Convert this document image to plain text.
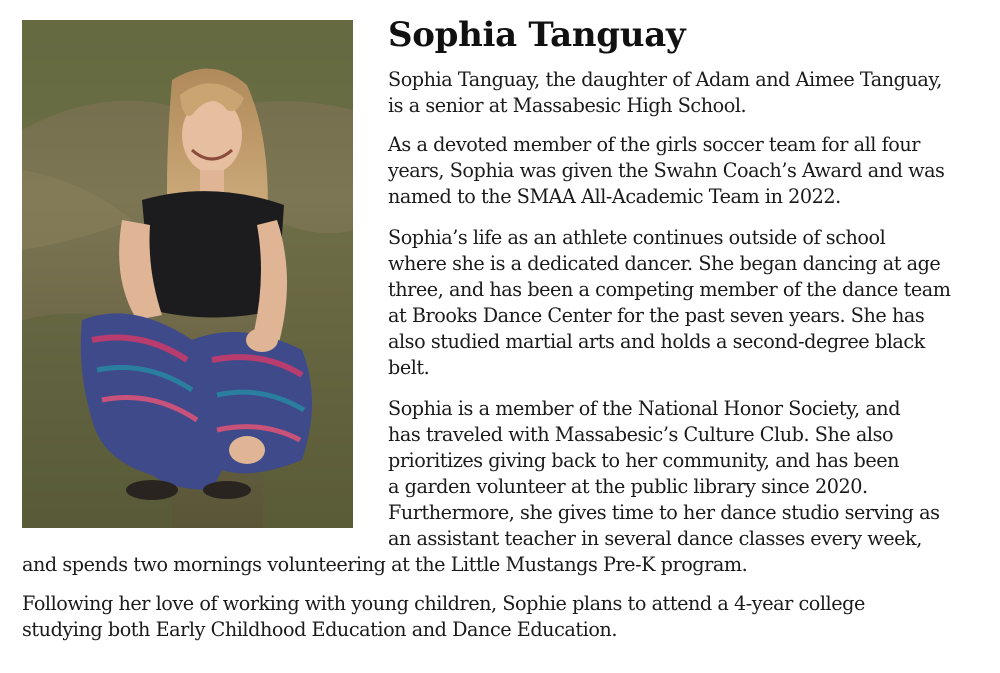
Sophia Tanguay

Sophia Tanguay, the daughter of Adam and Aimee Tanguay,

is a senior at Massabesic High School.

As a devoted member of the girls soccer team for all four

years, Sophia was given the Swahn Coach’s Award and was

named to the SMAA All-Academic Team in 2022.

Sophia’s life as an athlete continues outside of school

where she is a dedicated dancer. She began dancing at age

three, and has been a competing member of the dance team

at Brooks Dance Center for the past seven years. She has

also studied martial arts and holds a second-degree black

belt.

Sophia is a member of the National Honor Society, and

has traveled with Massabesic’s Culture Club. She also

prioritizes giving back to her community, and has been

a garden volunteer at the public library since 2020.

Furthermore, she gives time to her dance studio serving as

an assistant teacher in several dance classes every week,

and spends two mornings volunteering at the Little Mustangs Pre-K program.

Following her love of working with young children, Sophie plans to attend a 4-year college

studying both Early Childhood Education and Dance Education.
